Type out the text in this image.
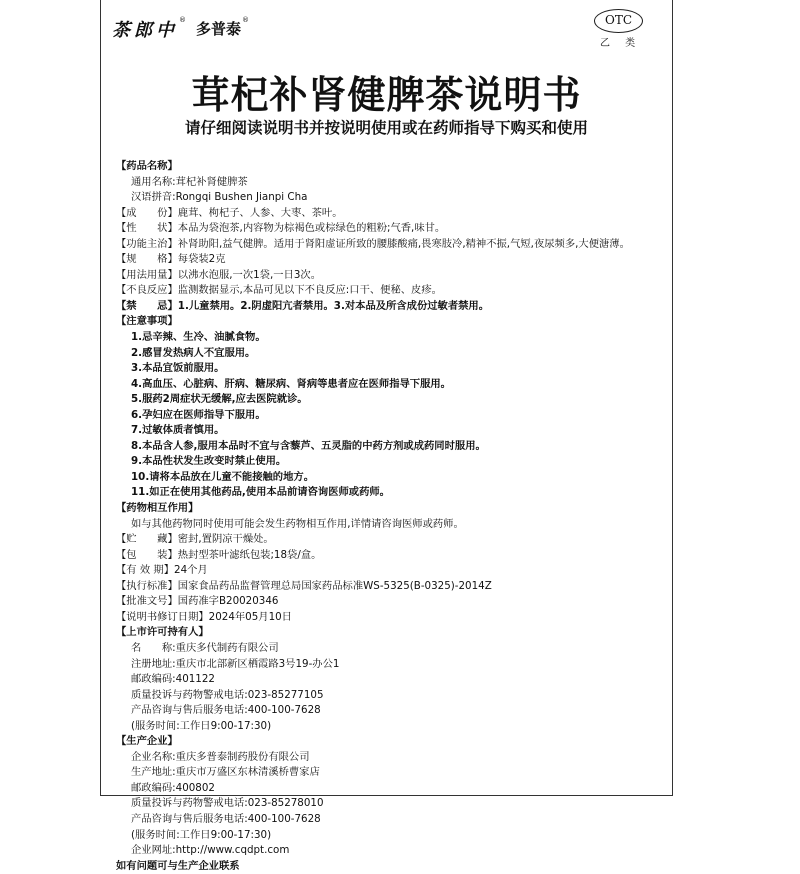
茶郎中 ® 多普泰 ®	OTC
乙 类
茸杞补肾健脾茶说明书
请仔细阅读说明书并按说明使用或在药师指导下购买和使用
【药品名称】
通用名称:茸杞补肾健脾茶
汉语拼音:Rongqi Bushen Jianpi Cha
【成　　份】鹿茸、枸杞子、人参、大枣、茶叶。
【性　　状】本品为袋泡茶,内容物为棕褐色或棕绿色的粗粉;气香,味甘。
【功能主治】补肾助阳,益气健脾。适用于肾阳虚证所致的腰膝酸痛,畏寒肢冷,精神不振,气短,夜尿频多,大便溏薄。
【规　　格】每袋装2克
【用法用量】以沸水泡服,一次1袋,一日3次。
【不良反应】监测数据显示,本品可见以下不良反应:口干、便秘、皮疹。
【禁　　忌】1.儿童禁用。2.阴虚阳亢者禁用。3.对本品及所含成份过敏者禁用。
【注意事项】
1.忌辛辣、生冷、油腻食物。
2.感冒发热病人不宜服用。
3.本品宜饭前服用。
4.高血压、心脏病、肝病、糖尿病、肾病等患者应在医师指导下服用。
5.服药2周症状无缓解,应去医院就诊。
6.孕妇应在医师指导下服用。
7.过敏体质者慎用。
8.本品含人参,服用本品时不宜与含藜芦、五灵脂的中药方剂或成药同时服用。
9.本品性状发生改变时禁止使用。
10.请将本品放在儿童不能接触的地方。
11.如正在使用其他药品,使用本品前请咨询医师或药师。
【药物相互作用】
如与其他药物同时使用可能会发生药物相互作用,详情请咨询医师或药师。
【贮　　藏】密封,置阴凉干燥处。
【包　　装】热封型茶叶滤纸包装;18袋/盒。
【有 效 期】24个月
【执行标准】国家食品药品监督管理总局国家药品标准WS-5325(B-0325)-2014Z
【批准文号】国药准字B20020346
【说明书修订日期】2024年05月10日
【上市许可持有人】
名　　称:重庆多代制药有限公司
注册地址:重庆市北部新区栖霞路3号19-办公1
邮政编码:401122
质量投诉与药物警戒电话:023-85277105
产品咨询与售后服务电话:400-100-7628
(服务时间:工作日9:00-17:30)
【生产企业】
企业名称:重庆多普泰制药股份有限公司
生产地址:重庆市万盛区东林清溪桥曹家店
邮政编码:400802
质量投诉与药物警戒电话:023-85278010
产品咨询与售后服务电话:400-100-7628
(服务时间:工作日9:00-17:30)
企业网址:http://www.cqdpt.com
如有问题可与生产企业联系
